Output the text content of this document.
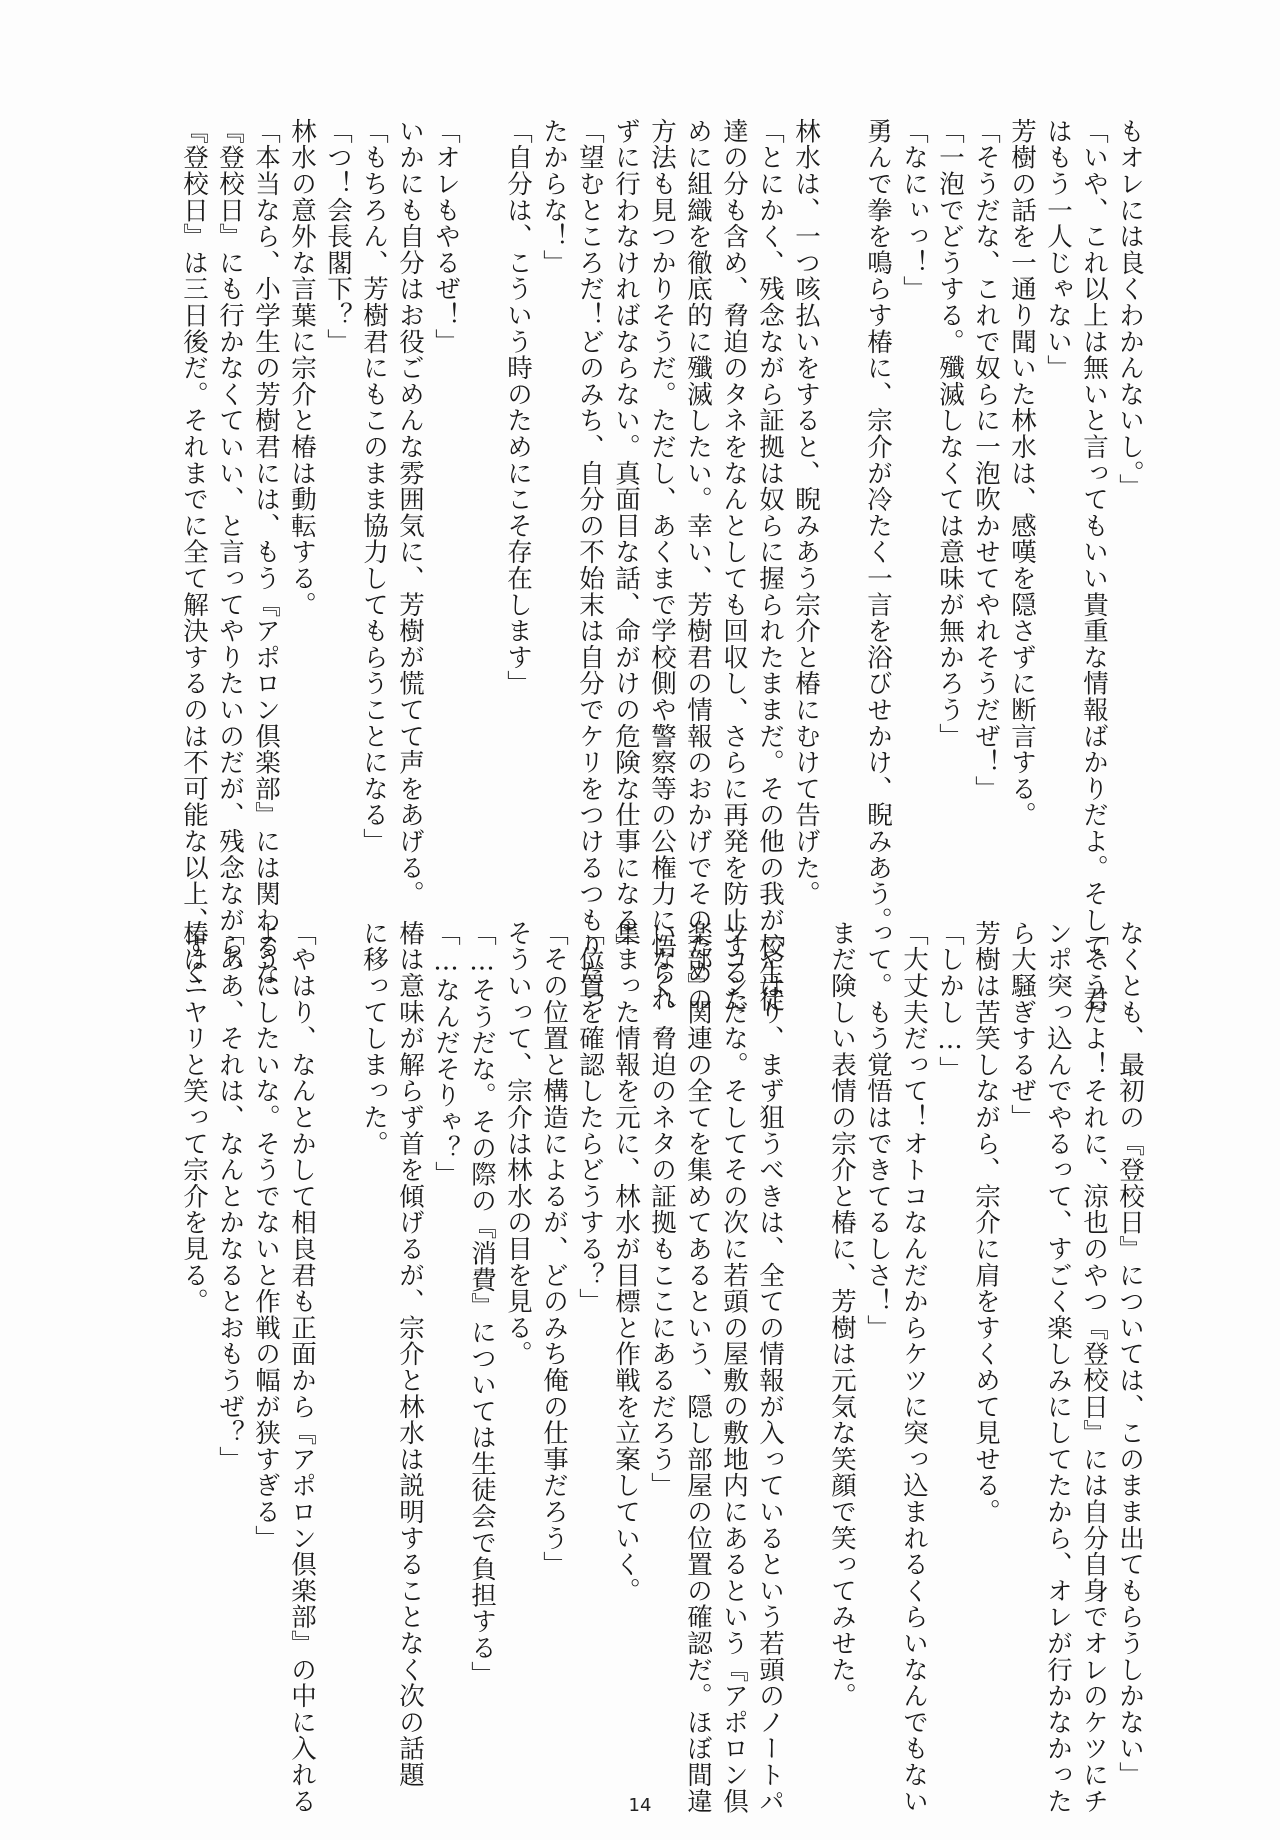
もオレには良くわかんないし。」
「いや、これ以上は無いと言ってもいい貴重な情報ばかりだよ。そして、君
はもう一人じゃない」
芳樹の話を一通り聞いた林水は、感嘆を隠さずに断言する。
「そうだな、これで奴らに一泡吹かせてやれそうだぜ！」
「一泡でどうする。殲滅しなくては意味が無かろう」
「なにぃっ！」
勇んで拳を鳴らす椿に、宗介が冷たく一言を浴びせかけ、睨みあう。
林水は、一つ咳払いをすると、睨みあう宗介と椿にむけて告げた。
「とにかく、残念ながら証拠は奴らに握られたままだ。その他の我が校生徒
達の分も含め、脅迫のタネをなんとしても回収し、さらに再発を防止するた
めに組織を徹底的に殲滅したい。幸い、芳樹君の情報のおかげでそのための
方法も見つかりそうだ。ただし、あくまで学校側や警察等の公権力に悟られ
ずに行わなければならない。真面目な話、命がけの危険な仕事になる」
「望むところだ！どのみち、自分の不始末は自分でケリをつけるつもりだっ
たからな！」
「自分は、こういう時のためにこそ存在します」
「オレもやるぜ！」
いかにも自分はお役ごめんな雰囲気に、芳樹が慌てて声をあげる。
「もちろん、芳樹君にもこのまま協力してもらうことになる」
「つ！会長閣下？」
林水の意外な言葉に宗介と椿は動転する。
「本当なら、小学生の芳樹君には、もう『アポロン倶楽部』には関わるな、
『登校日』にも行かなくていい、と言ってやりたいのだが、残念ながら、
『登校日』は三日後だ。それまでに全て解決するのは不可能な以上、すく
なくとも、最初の『登校日』については、このまま出てもらうしかない」
「そうだよ！それに、涼也のやつ『登校日』には自分自身でオレのケツにチ
ンポ突っ込んでやるって、すごく楽しみにしてたから、オレが行かなかった
ら大騒ぎするぜ」
芳樹は苦笑しながら、宗介に肩をすくめて見せる。
「しかし…」
「大丈夫だって！オトコなんだからケツに突っ込まれるくらいなんでもない
って。もう覚悟はできてるしさ！」
まだ険しい表情の宗介と椿に、芳樹は元気な笑顔で笑ってみせた。
「やはり、まず狙うべきは、全ての情報が入っているという若頭のノートパ
ソコンだな。そしてその次に若頭の屋敷の敷地内にあるという『アポロン倶
楽部』関連の全てを集めてあるという、隠し部屋の位置の確認だ。ほぼ間違
いなく、脅迫のネタの証拠もここにあるだろう」
集まった情報を元に、林水が目標と作戦を立案していく。
「位置を確認したらどうする？」
「その位置と構造によるが、どのみち俺の仕事だろう」
そういって、宗介は林水の目を見る。
「…そうだな。その際の『消費』については生徒会で負担する」
「…なんだそりゃ？」
椿は意味が解らず首を傾げるが、宗介と林水は説明することなく次の話題
に移ってしまった。
「やはり、なんとかして相良君も正面から『アポロン倶楽部』の中に入れる
ようにしたいな。そうでないと作戦の幅が狭すぎる」
「ああ、それは、なんとかなるとおもうぜ？」
椿はニヤリと笑って宗介を見る。
14
